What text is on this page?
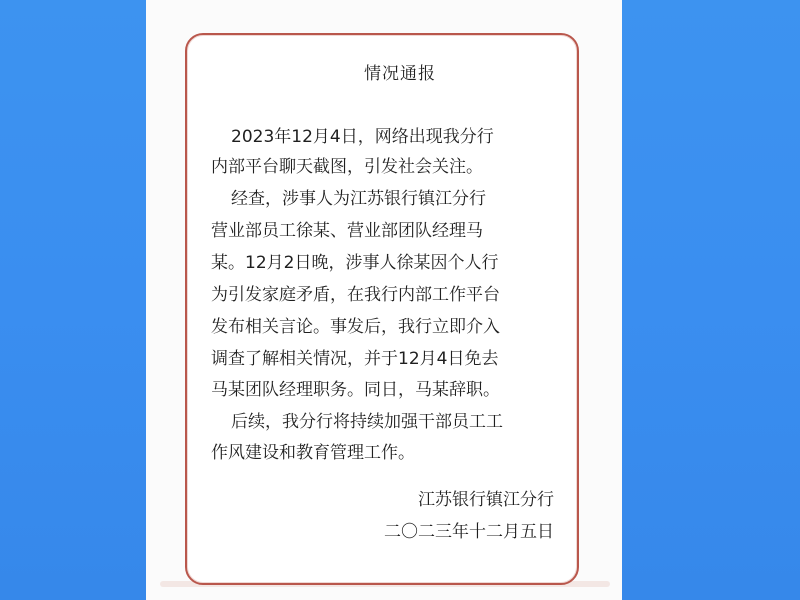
情况通报
2023年12月4日，网络出现我分行
内部平台聊天截图，引发社会关注。
经查，涉事人为江苏银行镇江分行
营业部员工徐某、营业部团队经理马
某。12月2日晚，涉事人徐某因个人行
为引发家庭矛盾，在我行内部工作平台
发布相关言论。事发后，我行立即介入
调查了解相关情况，并于12月4日免去
马某团队经理职务。同日，马某辞职。
后续，我分行将持续加强干部员工工
作风建设和教育管理工作。
江苏银行镇江分行
二〇二三年十二月五日
